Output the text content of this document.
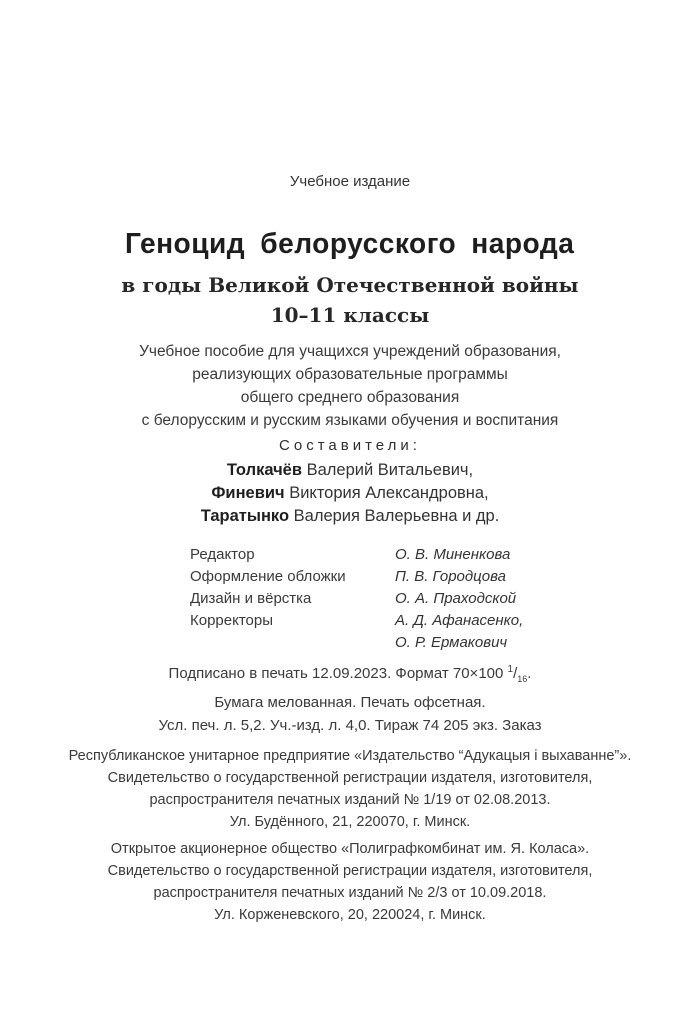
Учебное издание
Геноцид белорусского народа
в годы Великой Отечественной войны
10–11 классы
Учебное пособие для учащихся учреждений образования,
реализующих образовательные программы
общего среднего образования
с белорусским и русским языками обучения и воспитания
Составители:
Толкачёв Валерий Витальевич,
Финевич Виктория Александровна,
Таратынко Валерия Валерьевна и др.
Редактор	О. В. Миненкова
Оформление обложки	П. В. Городцова
Дизайн и вёрстка	О. А. Праходской
Корректоры	А. Д. Афанасенко,
О. Р. Ермакович
Подписано в печать 12.09.2023. Формат 70×100 $^1/_{16}$.
Бумага мелованная. Печать офсетная.
Усл. печ. л. 5,2. Уч.-изд. л. 4,0. Тираж 74 205 экз. Заказ
Республиканское унитарное предприятие «Издательство “Адукацыя і выхаванне”».
Свидетельство о государственной регистрации издателя, изготовителя,
распространителя печатных изданий № 1/19 от 02.08.2013.
Ул. Будённого, 21, 220070, г. Минск.
Открытое акционерное общество «Полиграфкомбинат им. Я. Коласа».
Свидетельство о государственной регистрации издателя, изготовителя,
распространителя печатных изданий № 2/3 от 10.09.2018.
Ул. Корженевского, 20, 220024, г. Минск.
